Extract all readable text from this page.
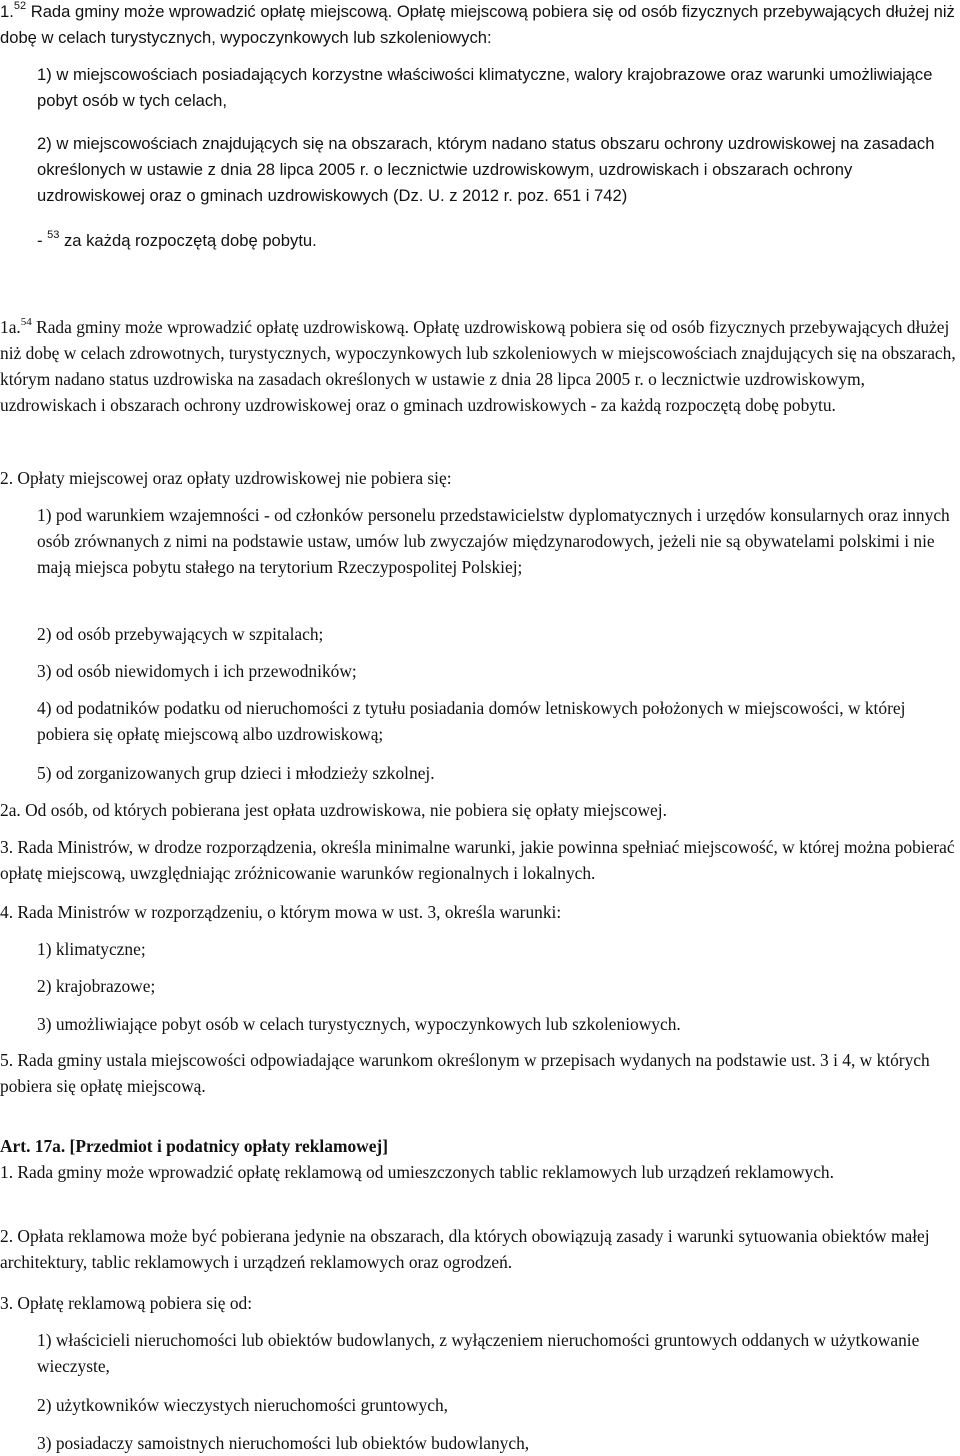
1.52 Rada gminy może wprowadzić opłatę miejscową. Opłatę miejscową pobiera się od osób fizycznych przebywających dłużej niż dobę w celach turystycznych, wypoczynkowych lub szkoleniowych:

1) w miejscowościach posiadających korzystne właściwości klimatyczne, walory krajobrazowe oraz warunki umożliwiające pobyt osób w tych celach,

2) w miejscowościach znajdujących się na obszarach, którym nadano status obszaru ochrony uzdrowiskowej na zasadach określonych w ustawie z dnia 28 lipca 2005 r. o lecznictwie uzdrowiskowym, uzdrowiskach i obszarach ochrony uzdrowiskowej oraz o gminach uzdrowiskowych (Dz. U. z 2012 r. poz. 651 i 742)

- $^{53}$ za każdą rozpoczętą dobę pobytu.

1a.$^{54}$ Rada gminy może wprowadzić opłatę uzdrowiskową. Opłatę uzdrowiskową pobiera się od osób fizycznych przebywających dłużej niż dobę w celach zdrowotnych, turystycznych, wypoczynkowych lub szkoleniowych w miejscowościach znajdujących się na obszarach, którym nadano status uzdrowiska na zasadach określonych w ustawie z dnia 28 lipca 2005 r. o lecznictwie uzdrowiskowym, uzdrowiskach i obszarach ochrony uzdrowiskowej oraz o gminach uzdrowiskowych - za każdą rozpoczętą dobę pobytu.

2. Opłaty miejscowej oraz opłaty uzdrowiskowej nie pobiera się:

1) pod warunkiem wzajemności - od członków personelu przedstawicielstw dyplomatycznych i urzędów konsularnych oraz innych osób zrównanych z nimi na podstawie ustaw, umów lub zwyczajów międzynarodowych, jeżeli nie są obywatelami polskimi i nie mają miejsca pobytu stałego na terytorium Rzeczypospolitej Polskiej;

2) od osób przebywających w szpitalach;

3) od osób niewidomych i ich przewodników;

4) od podatników podatku od nieruchomości z tytułu posiadania domów letniskowych położonych w miejscowości, w której pobiera się opłatę miejscową albo uzdrowiskową;

5) od zorganizowanych grup dzieci i młodzieży szkolnej.

2a. Od osób, od których pobierana jest opłata uzdrowiskowa, nie pobiera się opłaty miejscowej.

3. Rada Ministrów, w drodze rozporządzenia, określa minimalne warunki, jakie powinna spełniać miejscowość, w której można pobierać opłatę miejscową, uwzględniając zróżnicowanie warunków regionalnych i lokalnych.

4. Rada Ministrów w rozporządzeniu, o którym mowa w ust. 3, określa warunki:

1) klimatyczne;

2) krajobrazowe;

3) umożliwiające pobyt osób w celach turystycznych, wypoczynkowych lub szkoleniowych.

5. Rada gminy ustala miejscowości odpowiadające warunkom określonym w przepisach wydanych na podstawie ust. 3 i 4, w których pobiera się opłatę miejscową.

Art. 17a. [Przedmiot i podatnicy opłaty reklamowej]

1. Rada gminy może wprowadzić opłatę reklamową od umieszczonych tablic reklamowych lub urządzeń reklamowych.

2. Opłata reklamowa może być pobierana jedynie na obszarach, dla których obowiązują zasady i warunki sytuowania obiektów małej architektury, tablic reklamowych i urządzeń reklamowych oraz ogrodzeń.

3. Opłatę reklamową pobiera się od:

1) właścicieli nieruchomości lub obiektów budowlanych, z wyłączeniem nieruchomości gruntowych oddanych w użytkowanie wieczyste,

2) użytkowników wieczystych nieruchomości gruntowych,

3) posiadaczy samoistnych nieruchomości lub obiektów budowlanych,
